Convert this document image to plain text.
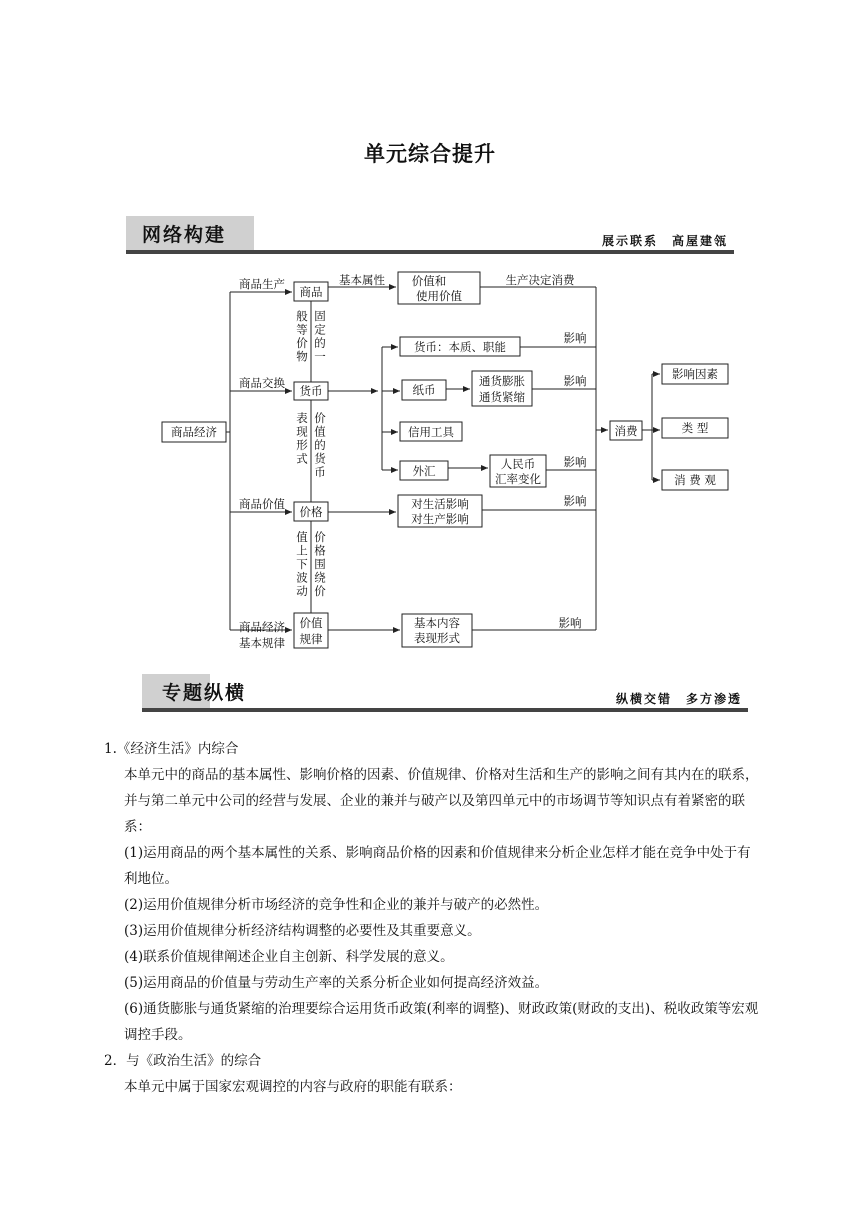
单元综合提升
网络构建	展示联系　高屋建瓴
商品经济
商品
货币
价格
价值
规律
价值和
使用价值
货币：本质、职能
纸币
通货膨胀
通货紧缩
信用工具
外汇	人民币
汇率变化
对生活影响
对生产影响
基本内容
表现形式
消费
影响因素
类 型
消 费 观
商品生产
商品交换
商品价值
商品经济
基本规律
基本属性	生产决定消费
影响
影响
影响
影响
影响
般等价物
固定的一
表现形式
价值的货币
值上下波动
价格围绕价
专题纵横	纵横交错　多方渗透
1.《经济生活》内综合
本单元中的商品的基本属性、影响价格的因素、价值规律、价格对生活和生产的影响之间有其内在的联系，并与第二单元中公司的经营与发展、企业的兼并与破产以及第四单元中的市场调节等知识点有着紧密的联系：
(1)运用商品的两个基本属性的关系、影响商品价格的因素和价值规律来分析企业怎样才能在竞争中处于有利地位。
(2)运用价值规律分析市场经济的竞争性和企业的兼并与破产的必然性。
(3)运用价值规律分析经济结构调整的必要性及其重要意义。
(4)联系价值规律阐述企业自主创新、科学发展的意义。
(5)运用商品的价值量与劳动生产率的关系分析企业如何提高经济效益。
(6)通货膨胀与通货紧缩的治理要综合运用货币政策(利率的调整)、财政政策(财政的支出)、税收政策等宏观调控手段。
2．与《政治生活》的综合
本单元中属于国家宏观调控的内容与政府的职能有联系：
